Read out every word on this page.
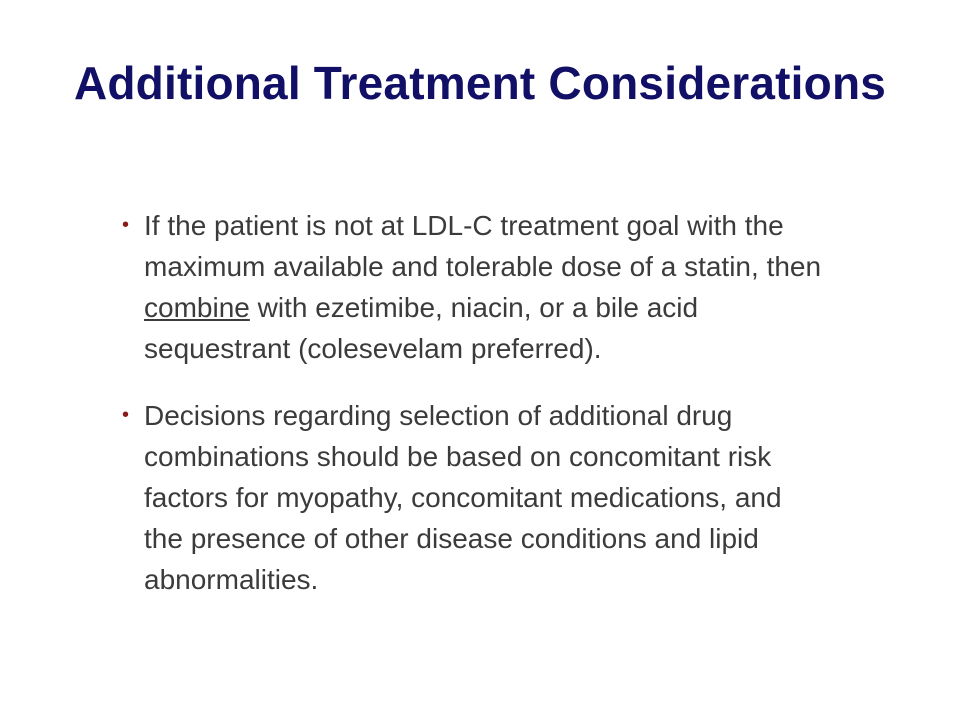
Additional Treatment Considerations
• If the patient is not at LDL-C treatment goal with the maximum available and tolerable dose of a statin, then combine with ezetimibe, niacin, or a bile acid sequestrant (colesevelam preferred).
• Decisions regarding selection of additional drug combinations should be based on concomitant risk factors for myopathy, concomitant medications, and the presence of other disease conditions and lipid abnormalities.
